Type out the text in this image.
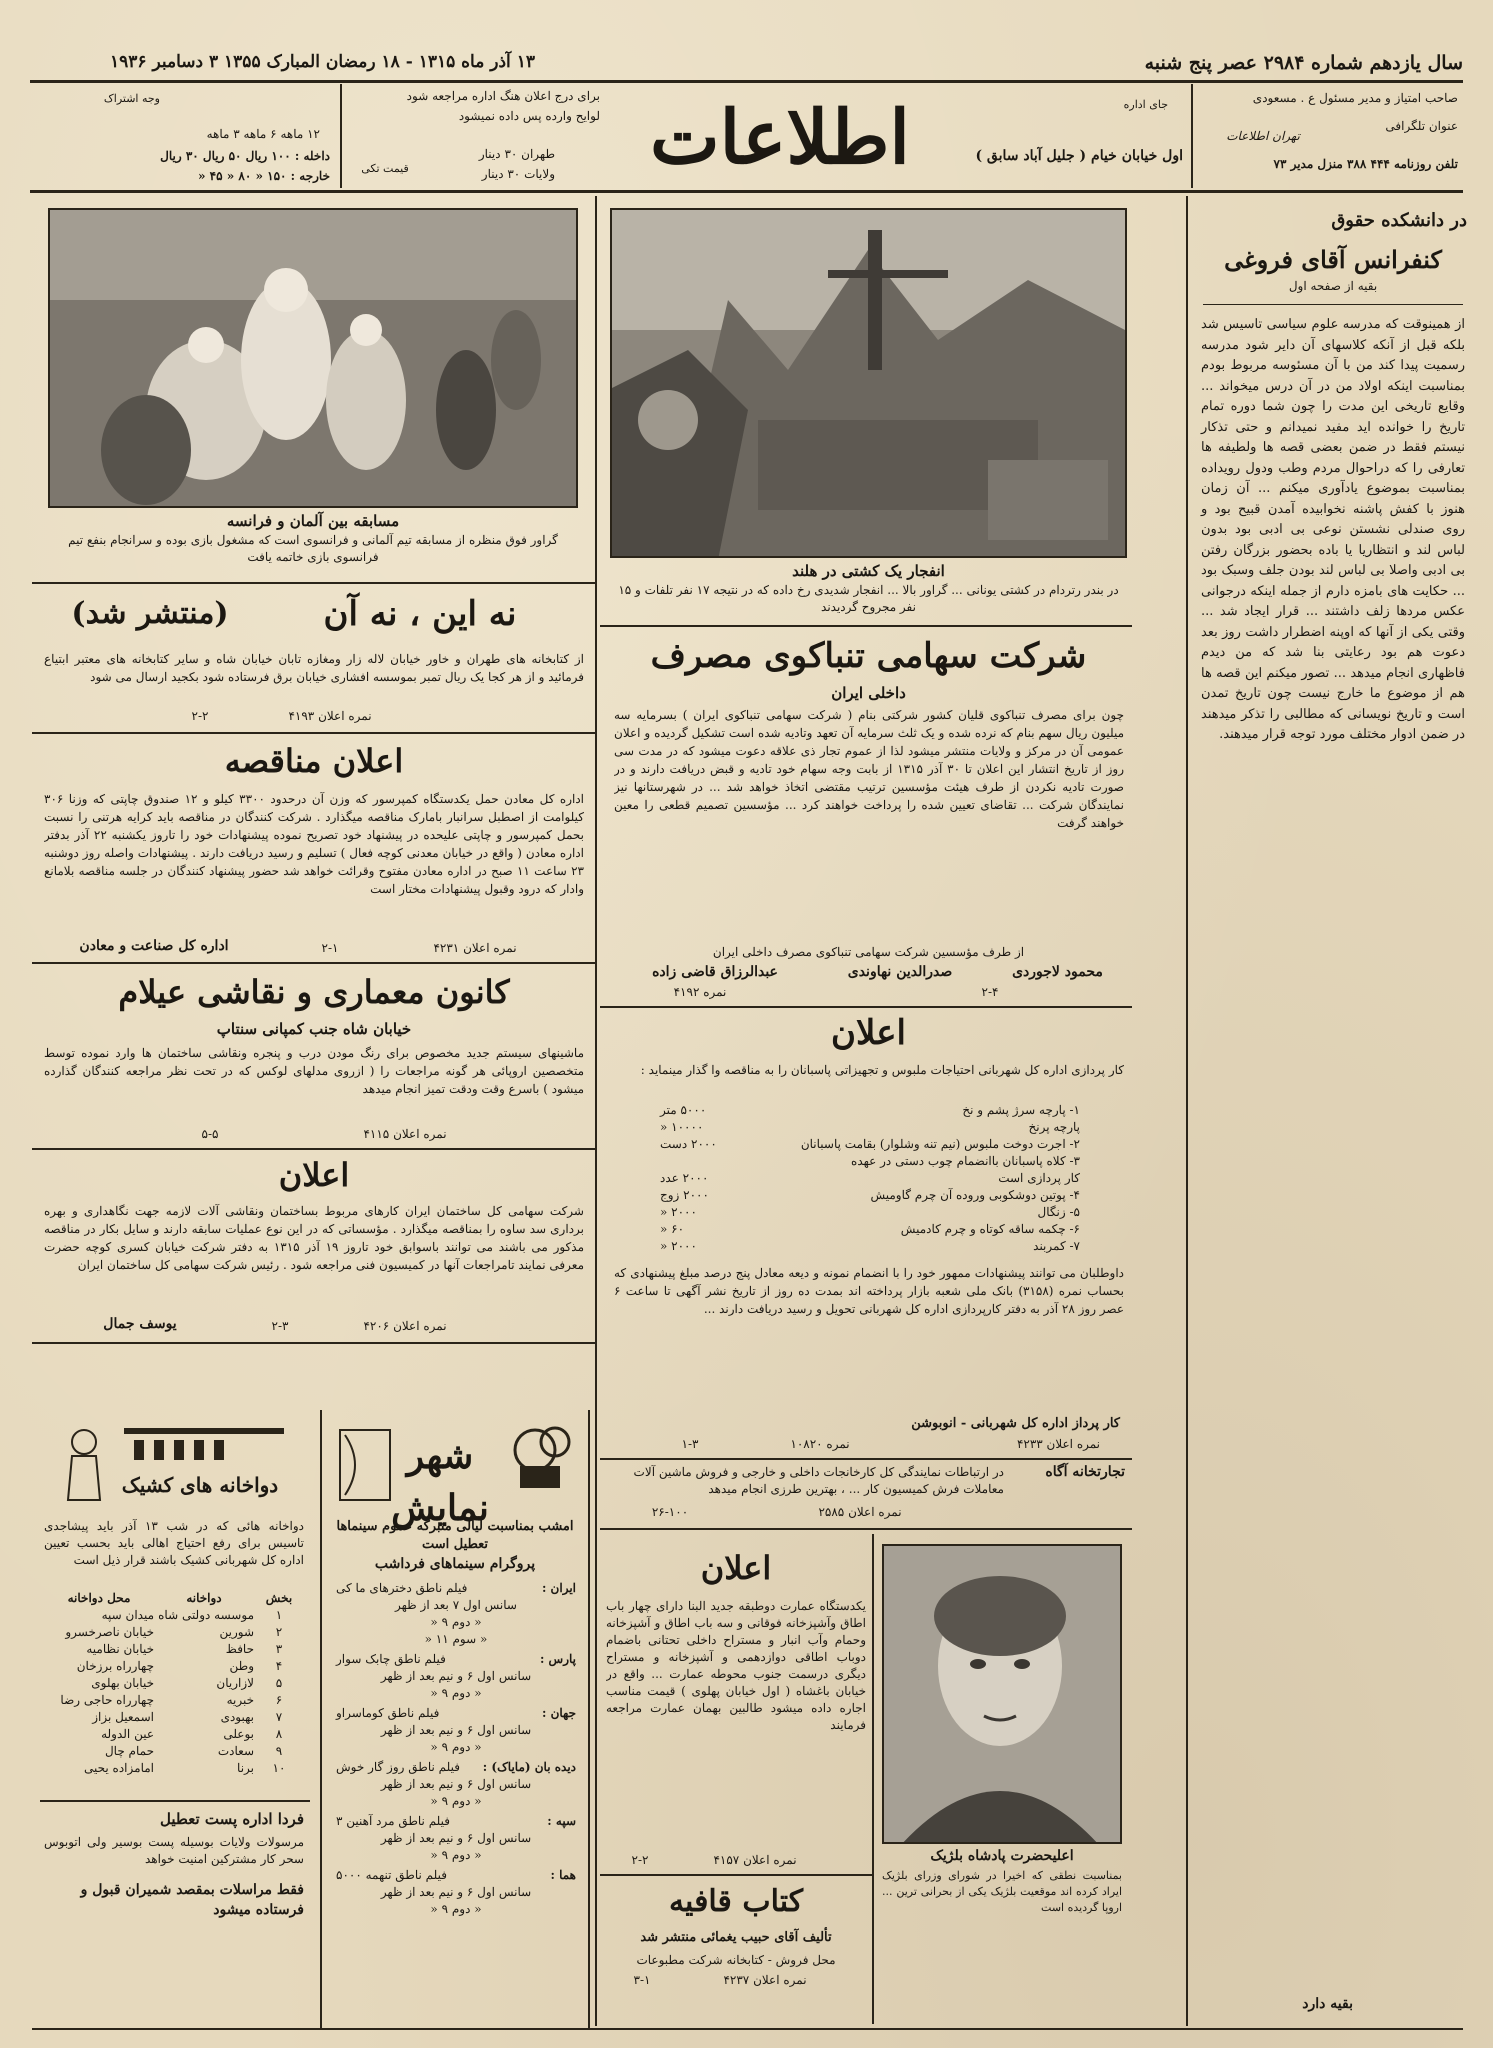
سال یازدهم شماره ۲۹۸۴ عصر پنج شنبه
۱۳ آذر ماه ۱۳۱۵ - ۱۸ رمضان المبارک ۱۳۵۵ ۳ دسامبر ۱۹۳۶
صاحب امتیاز و مدیر مسئول ع . مسعودی
عنوان تلگرافی
تهران اطلاعات
تلفن روزنامه ۴۴۴ ۳۸۸ منزل مدیر ۷۳
جای اداره
اول خیابان خیام ( جلیل آباد سابق )
اطلاعات
برای درج اعلان هنگ اداره مراجعه شود
لوایح وارده پس داده نمیشود
قیمت تکی
طهران ۳۰ دینار
ولایات ۳۰ دینار
وجه اشتراک
۱۲ ماهه ۶ ماهه ۳ ماهه
داخله : ۱۰۰ ریال ۵۰ ریال ۳۰ ریال
خارجه : ۱۵۰ « ۸۰ « ۴۵ «
در دانشکده حقوق
کنفرانس آقای فروغی
بقیه از صفحه اول
از همینوقت که مدرسه علوم سیاسی تاسیس شد بلکه قبل از آنکه کلاسهای آن دایر شود مدرسه رسمیت پیدا کند من با آن مسئوسه مربوط بودم بمناسبت اینکه اولاد من در آن درس میخواند ... وقایع تاریخی این مدت را چون شما دوره تمام تاریخ را خوانده اید مفید نمیدانم و حتی تذکار نیستم فقط در ضمن بعضی قصه ها ولطیفه ها تعارفی را که دراحوال مردم وطب ودول رویداده بمناسبت بموضوع یادآوری میکنم ... آن زمان هنوز با کفش پاشنه نخوابیده آمدن قبیح بود و روی صندلی نشستن نوعی بی ادبی بود بدون لباس لند و انتظاریا یا باده بحضور بزرگان رفتن بی ادبی واصلا بی لباس لند بودن جلف وسبک بود ... حکایت های بامزه دارم از جمله اینکه درجوانی عکس مردها زلف داشتند ... قرار ایجاد شد ... وقتی یکی از آنها که اوپنه اضطرار داشت روز بعد دعوت هم بود رعایتی بنا شد که من دیدم فاظهاری انجام میدهد ... تصور میکنم این قصه ها هم از موضوع ما خارج نیست چون تاریخ تمدن است و تاریخ نویسانی که مطالبی را تذکر میدهند در ضمن ادوار مختلف مورد توجه قرار میدهند.
بقیه دارد
انفجار یک کشتی در هلند
در بندر رتردام در کشتی یونانی ... گراور بالا ... انفجار شدیدی رخ داده که در نتیجه ۱۷ نفر تلفات و ۱۵ نفر مجروح گردیدند
شرکت سهامی تنباکوی مصرف
داخلی ایران
چون برای مصرف تنباکوی قلیان کشور شرکتی بنام ( شرکت سهامی تنباکوی ایران ) بسرمایه سه میلیون ریال سهم بنام که نرده شده و یک ثلث سرمایه آن تعهد وتادیه شده است تشکیل گردیده و اعلان عمومی آن در مرکز و ولایات منتشر میشود لذا از عموم تجار ذی علاقه دعوت میشود که در مدت سی روز از تاریخ انتشار این اعلان تا ۳۰ آذر ۱۳۱۵ از بابت وجه سهام خود تادیه و قبض دریافت دارند و در صورت تادیه نکردن از طرف هیئت مؤسسین ترتیب مقتضی اتخاذ خواهد شد ... در شهرستانها نیز نمایندگان شرکت ... تقاضای تعیین شده را پرداخت خواهند کرد ... مؤسسین تصمیم قطعی را معین خواهند گرفت
از طرف مؤسسین شرکت سهامی تنباکوی مصرف داخلی ایران
محمود لاجوردی
صدرالدین نهاوندی
عبدالرزاق قاضی زاده
نمره ۴۱۹۲	۲-۴
اعلان
کار پردازی اداره کل شهربانی احتیاجات ملبوس و تجهیزاتی پاسبانان را به مناقصه وا گذار مینماید :
۱- پارچه سرژ پشم و نخ
۵۰۰۰ متر
پارچه پرنخ
۱۰۰۰۰ «
۲- اجرت دوخت ملبوس (نیم تنه وشلوار) بقامت پاسبانان
۲۰۰۰ دست
۳- کلاه پاسبانان باانضمام چوب دستی در عهده
کار پردازی است
۲۰۰۰ عدد
۴- پوتین دوشکوبی وروده آن چرم گاومیش
۲۰۰۰ زوج
۵- زنگال
۲۰۰۰ «
۶- چکمه ساقه کوتاه و چرم کادمیش
۶۰ «
۷- کمربند
۲۰۰۰ «
داوطلبان می توانند پیشنهادات ممهور خود را با انضمام نمونه و دیعه معادل پنج درصد مبلغ پیشنهادی که بحساب نمره (۳۱۵۸) بانک ملی شعبه بازار پرداخته اند بمدت ده روز از تاریخ نشر آگهی تا ساعت ۶ عصر روز ۲۸ آذر به دفتر کارپردازی اداره کل شهربانی تحویل و رسید دریافت دارند ...
کار پرداز اداره کل شهربانی - انوبوشن
نمره اعلان ۴۲۳۳
نمره ۱۰۸۲۰
۱-۳
تجارتخانه آگاه
در ارتباطات نمایندگی کل کارخانجات داخلی و خارجی و فروش ماشین آلات معاملات فرش کمیسیون کار ... ، بهترین طرزی انجام میدهد
نمره اعلان ۲۵۸۵
۲۶-۱۰۰
اعلیحضرت پادشاه بلژیک
بمناسبت نطقی که اخیرا در شورای وزرای بلژیک ایراد کرده اند موقعیت بلژیک یکی از بحرانی ترین ... اروپا گردیده است
اعلان
یکدستگاه عمارت دوطبقه جدید البنا دارای چهار باب اطاق وآشپزخانه فوقانی و سه باب اطاق و آشپزخانه وحمام وآب انبار و مستراح داخلی تحتانی باضمام دوباب اطاقی دوازدهمی و آشپزخانه و مستراح دیگری درسمت جنوب محوطه عمارت ... واقع در خیابان باغشاه ( اول خیابان پهلوی ) قیمت مناسب اجاره داده میشود طالبین بهمان عمارت مراجعه فرمایند
نمره اعلان ۴۱۵۷
۲-۲
کتاب قافیه
تألیف آقای حبیب یغمائی منتشر شد
محل فروش - کتابخانه شرکت مطبوعات
نمره اعلان ۴۲۳۷
۳-۱
مسابقه بین آلمان و فرانسه
گراور فوق منظره از مسابقه تیم آلمانی و فرانسوی است که مشغول بازی بوده و سرانجام بنفع تیم فرانسوی بازی خاتمه یافت
نه این ، نه آن
(منتشر شد)
از کتابخانه های طهران و خاور خیابان لاله زار ومغازه تابان خیابان شاه و سایر کتابخانه های معتبر ابتیاع فرمائید و از هر کجا یک ریال تمبر بموسسه افشاری خیابان برق فرستاده شود بکجید ارسال می شود
نمره اعلان ۴۱۹۳
۲-۲
اعلان مناقصه
اداره کل معادن حمل یکدستگاه کمپرسور که وزن آن درحدود ۳۳۰۰ کیلو و ۱۲ صندوق چاپتی که وزنا ۳۰۶ کیلوامت از اصطبل سرانبار بامارک مناقصه میگذارد . شرکت کنندگان در مناقصه باید کرایه هرتنی را نسبت بحمل کمپرسور و چاپتی علیحده در پیشنهاد خود تصریح نموده پیشنهادات خود را تاروز یکشنبه ۲۲ آذر بدفتر اداره معادن ( واقع در خیابان معدنی کوچه فعال ) تسلیم و رسید دریافت دارند . پیشنهادات واصله روز دوشنبه ۲۳ ساعت ۱۱ صبح در اداره معادن مفتوح وقرائت خواهد شد حضور پیشنهاد کنندگان در جلسه مناقصه بلامانع وادار که درود وقبول پیشنهادات مختار است
نمره اعلان ۴۲۳۱
۲-۱
اداره کل صناعت و معادن
کانون معماری و نقاشی عیلام
خیابان شاه جنب کمپانی سنتاپ
ماشینهای سیستم جدید مخصوص برای رنگ مودن درب و پنجره ونقاشی ساختمان ها وارد نموده توسط متخصصین اروپائی هر گونه مراجعات را ( ازروی مدلهای لوکس که در تحت نظر مراجعه کنندگان گذارده میشود ) باسرع وقت ودقت تمیز انجام میدهد
نمره اعلان ۴۱۱۵
۵-۵
اعلان
شرکت سهامی کل ساختمان ایران کارهای مربوط بساختمان ونقاشی آلات لازمه جهت نگاهداری و بهره برداری سد ساوه را بمناقصه میگذارد . مؤسساتی که در این نوع عملیات سابقه دارند و سایل بکار در مناقصه مذکور می باشند می توانند باسوابق خود تاروز ۱۹ آذر ۱۳۱۵ به دفتر شرکت خیابان کسری کوچه حضرت معرفی نمایند تامراجعات آنها در کمیسیون فنی مراجعه شود . رئیس شرکت سهامی کل ساختمان ایران
نمره اعلان ۴۲۰۶
۲-۳
یوسف جمال
شهر نمایش
امشب بمناسبت لیالی متبرکه عموم سینماها تعطیل است
پروگرام سینماهای فرداشب
ایران :
فیلم ناطق دخترهای ما کی
سانس اول ۷ بعد از ظهر
« دوم ۹ «
« سوم ۱۱ «
پارس :
فیلم ناطق چابک سوار
سانس اول ۶ و نیم بعد از ظهر
« دوم ۹ «
جهان :
فیلم ناطق کوماسراو
سانس اول ۶ و نیم بعد از ظهر
« دوم ۹ «
دیده بان (مایاک) :
فیلم ناطق روز گار خوش
سانس اول ۶ و نیم بعد از ظهر
« دوم ۹ «
سپه :
فیلم ناطق مرد آهنین ۳
سانس اول ۶ و نیم بعد از ظهر
« دوم ۹ «
هما :
فیلم ناطق تنهمه ۵۰۰۰
سانس اول ۶ و نیم بعد از ظهر
« دوم ۹ «
دواخانه های کشیک
دواخانه هائی که در شب ۱۳ آذر باید پیشاجدی تاسیس برای رفع احتیاج اهالی باید بحسب تعیین اداره کل شهربانی کشیک باشند قرار ذیل است
بخش
دواخانه
محل دواخانه
۱
موسسه دولتی شاه
میدان سپه
۲
شورین
خیابان ناصرخسرو
۳
حافظ
خیابان نظامیه
۴
وطن
چهارراه برزخان
۵
لازاریان
خیابان بهلوی
۶
خبریه
چهارراه حاجی رضا
۷
بهبودی
اسمعیل بزاز
۸
بوعلی
عین الدوله
۹
سعادت
حمام چال
۱۰
برنا
امامزاده یحیی
فردا اداره پست تعطیل
مرسولات ولایات بوسیله پست بوسیر ولی اتوبوس سحر کار مشترکین امنیت خواهد
فقط مراسلات بمقصد شمیران قبول و فرستاده میشود
